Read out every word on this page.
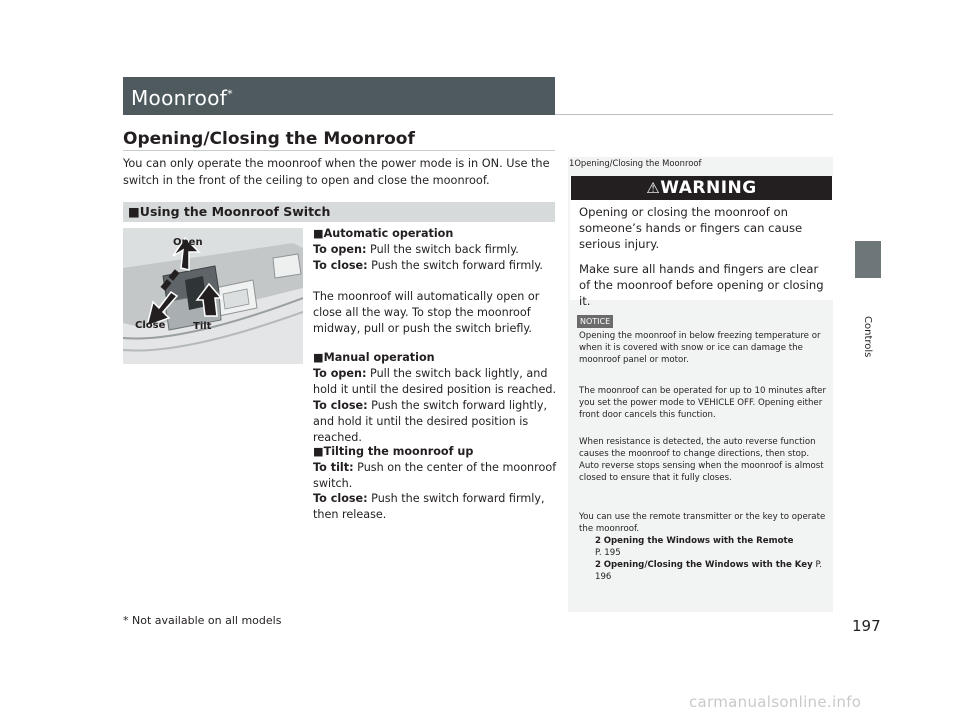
Moonroof*
Controls
197
Opening/Closing the Moonroof
You can only operate the moonroof when the power mode is in ON. Use the switch in the front of the ceiling to open and close the moonroof.
■Using the Moonroof Switch
Open
Close	Tilt
■Automatic operation
To open: Pull the switch back firmly.
To close: Push the switch forward firmly.
The moonroof will automatically open or close all the way. To stop the moonroof midway, pull or push the switch briefly.
■Manual operation
To open: Pull the switch back lightly, and hold it until the desired position is reached.
To close: Push the switch forward lightly, and hold it until the desired position is reached.
■Tilting the moonroof up
To tilt: Push on the center of the moonroof switch.
To close: Push the switch forward firmly, then release.
1Opening/Closing the Moonroof
⚠WARNING
Opening or closing the moonroof on someone’s hands or fingers can cause serious injury.
Make sure all hands and fingers are clear of the moonroof before opening or closing it.
NOTICE
Opening the moonroof in below freezing temperature or when it is covered with snow or ice can damage the moonroof panel or motor.
The moonroof can be operated for up to 10 minutes after you set the power mode to VEHICLE OFF. Opening either front door cancels this function.
When resistance is detected, the auto reverse function causes the moonroof to change directions, then stop. Auto reverse stops sensing when the moonroof is almost closed to ensure that it fully closes.
You can use the remote transmitter or the key to operate the moonroof.
2 Opening the Windows with the Remote
P. 195
2 Opening/Closing the Windows with the Key P. 196
* Not available on all models
carmanualsonline.info
